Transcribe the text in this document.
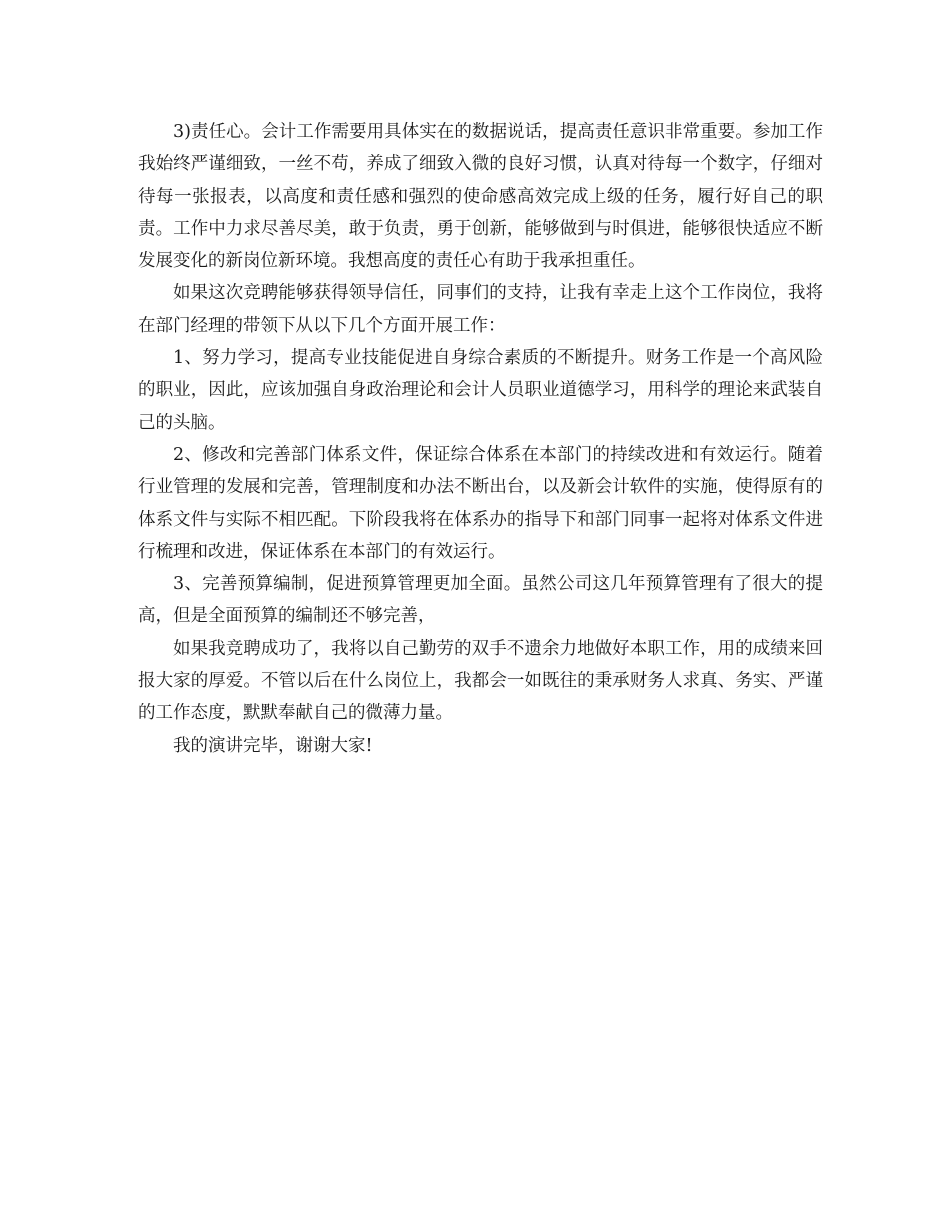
3)责任心。会计工作需要用具体实在的数据说话，提高责任意识非常重要。参加工作我始终严谨细致，一丝不苟，养成了细致入微的良好习惯，认真对待每一个数字，仔细对待每一张报表，以高度和责任感和强烈的使命感高效完成上级的任务，履行好自己的职责。工作中力求尽善尽美，敢于负责，勇于创新，能够做到与时俱进，能够很快适应不断发展变化的新岗位新环境。我想高度的责任心有助于我承担重任。

如果这次竞聘能够获得领导信任，同事们的支持，让我有幸走上这个工作岗位，我将在部门经理的带领下从以下几个方面开展工作：

1、努力学习，提高专业技能促进自身综合素质的不断提升。财务工作是一个高风险的职业，因此，应该加强自身政治理论和会计人员职业道德学习，用科学的理论来武装自己的头脑。

2、修改和完善部门体系文件，保证综合体系在本部门的持续改进和有效运行。随着行业管理的发展和完善，管理制度和办法不断出台，以及新会计软件的实施，使得原有的体系文件与实际不相匹配。下阶段我将在体系办的指导下和部门同事一起将对体系文件进行梳理和改进，保证体系在本部门的有效运行。

3、完善预算编制，促进预算管理更加全面。虽然公司这几年预算管理有了很大的提高，但是全面预算的编制还不够完善，

如果我竞聘成功了，我将以自己勤劳的双手不遗余力地做好本职工作，用的成绩来回报大家的厚爱。不管以后在什么岗位上，我都会一如既往的秉承财务人求真、务实、严谨的工作态度，默默奉献自己的微薄力量。

我的演讲完毕，谢谢大家!
